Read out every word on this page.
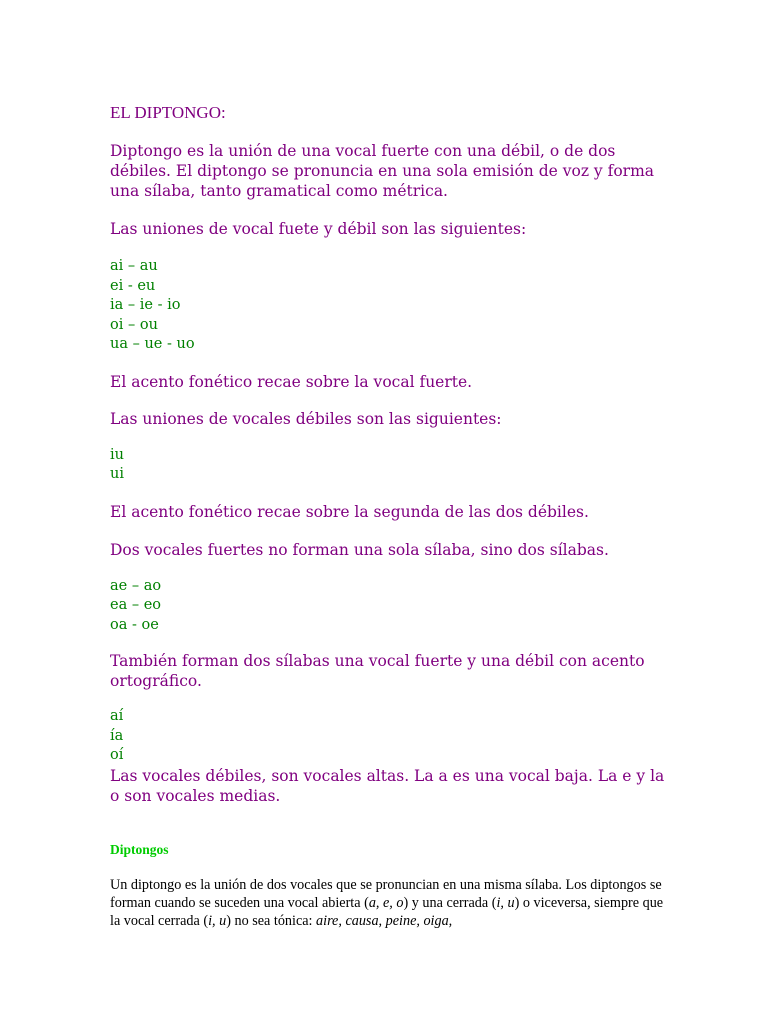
EL DIPTONGO:

Diptongo es la unión de una vocal fuerte con una débil, o de dos débiles. El diptongo se pronuncia en una sola emisión de voz y forma una sílaba, tanto gramatical como métrica.

Las uniones de vocal fuete y débil son las siguientes:

ai – au
ei - eu
ia – ie - io
oi – ou
ua – ue - uo

El acento fonético recae sobre la vocal fuerte.

Las uniones de vocales débiles son las siguientes:

iu
ui

El acento fonético recae sobre la segunda de las dos débiles.

Dos vocales fuertes no forman una sola sílaba, sino dos sílabas.

ae – ao
ea – eo
oa - oe

También forman dos sílabas una vocal fuerte y una débil con acento ortográfico.

aí
ía
oí

Las vocales débiles, son vocales altas. La a es una vocal baja. La e y la o son vocales medias.

Diptongos

Un diptongo es la unión de dos vocales que se pronuncian en una misma sílaba. Los diptongos se forman cuando se suceden una vocal abierta (a, e, o) y una cerrada (i, u) o viceversa, siempre que la vocal cerrada (i, u) no sea tónica: aire, causa, peine, oiga,
